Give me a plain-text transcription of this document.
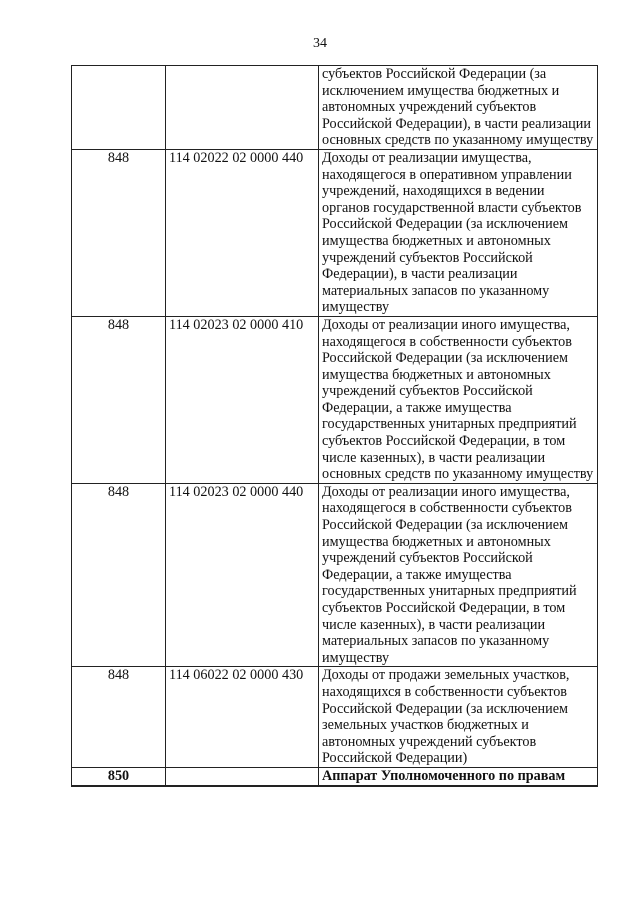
34
		субъектов Российской Федерации (за исключением имущества бюджетных и автономных учреждений субъектов Российской Федерации), в части реализации основных средств по указанному имуществу
848	114 02022 02 0000 440	Доходы от реализации имущества, находящегося в оперативном управлении учреждений, находящихся в ведении органов государственной власти субъектов Российской Федерации (за исключением имущества бюджетных и автономных учреждений субъектов Российской Федерации), в части реализации материальных запасов по указанному имуществу
848	114 02023 02 0000 410	Доходы от реализации иного имущества, находящегося в собственности субъектов Российской Федерации (за исключением имущества бюджетных и автономных учреждений субъектов Российской Федерации, а также имущества государственных унитарных предприятий субъектов Российской Федерации, в том числе казенных), в части реализации основных средств по указанному имуществу
848	114 02023 02 0000 440	Доходы от реализации иного имущества, находящегося в собственности субъектов Российской Федерации (за исключением имущества бюджетных и автономных учреждений субъектов Российской Федерации, а также имущества государственных унитарных предприятий субъектов Российской Федерации, в том числе казенных), в части реализации материальных запасов по указанному имуществу
848	114 06022 02 0000 430	Доходы от продажи земельных участков, находящихся в собственности субъектов Российской Федерации (за исключением земельных участков бюджетных и автономных учреждений субъектов Российской Федерации)
850		Аппарат Уполномоченного по правам
